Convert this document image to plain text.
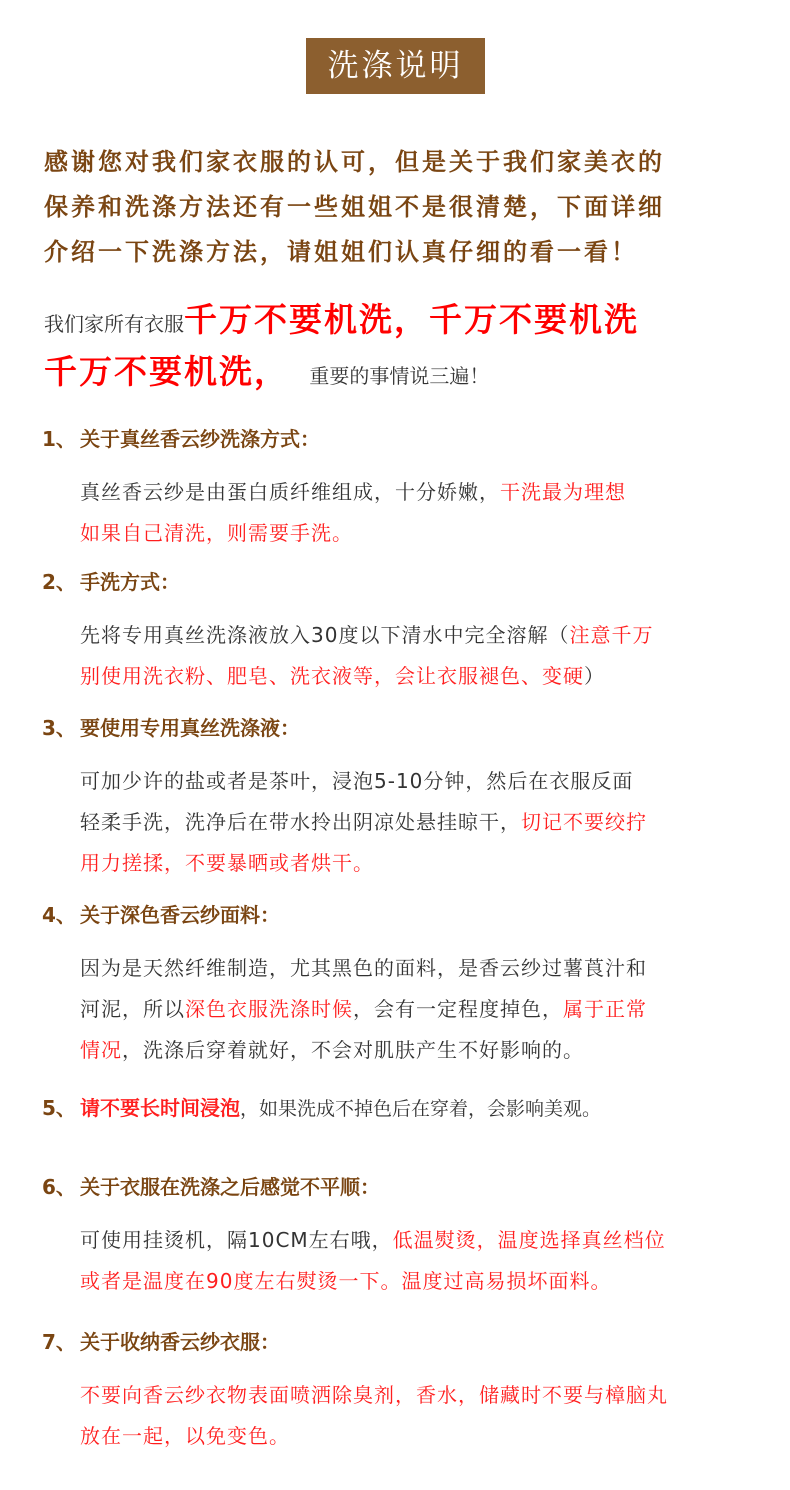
洗涤说明
感谢您对我们家衣服的认可，但是关于我们家美衣的
保养和洗涤方法还有一些姐姐不是很清楚，下面详细
介绍一下洗涤方法，请姐姐们认真仔细的看一看！
我们家所有衣服千万不要机洗，千万不要机洗
千万不要机洗， 重要的事情说三遍！
1、 关于真丝香云纱洗涤方式：
真丝香云纱是由蛋白质纤维组成，十分娇嫩，干洗最为理想
如果自己清洗，则需要手洗。
2、 手洗方式：
先将专用真丝洗涤液放入30度以下清水中完全溶解（注意千万
别使用洗衣粉、肥皂、洗衣液等，会让衣服褪色、变硬）
3、 要使用专用真丝洗涤液：
可加少许的盐或者是茶叶，浸泡5-10分钟，然后在衣服反面
轻柔手洗，洗净后在带水拎出阴凉处悬挂晾干，切记不要绞拧
用力搓揉，不要暴晒或者烘干。
4、 关于深色香云纱面料：
因为是天然纤维制造，尤其黑色的面料，是香云纱过薯莨汁和
河泥，所以深色衣服洗涤时候，会有一定程度掉色，属于正常
情况，洗涤后穿着就好，不会对肌肤产生不好影响的。
5、 请不要长时间浸泡，如果洗成不掉色后在穿着，会影响美观。
6、 关于衣服在洗涤之后感觉不平顺：
可使用挂烫机，隔10CM左右哦，低温熨烫，温度选择真丝档位
或者是温度在90度左右熨烫一下。温度过高易损坏面料。
7、 关于收纳香云纱衣服：
不要向香云纱衣物表面喷洒除臭剂，香水，储藏时不要与樟脑丸
放在一起，以免变色。
